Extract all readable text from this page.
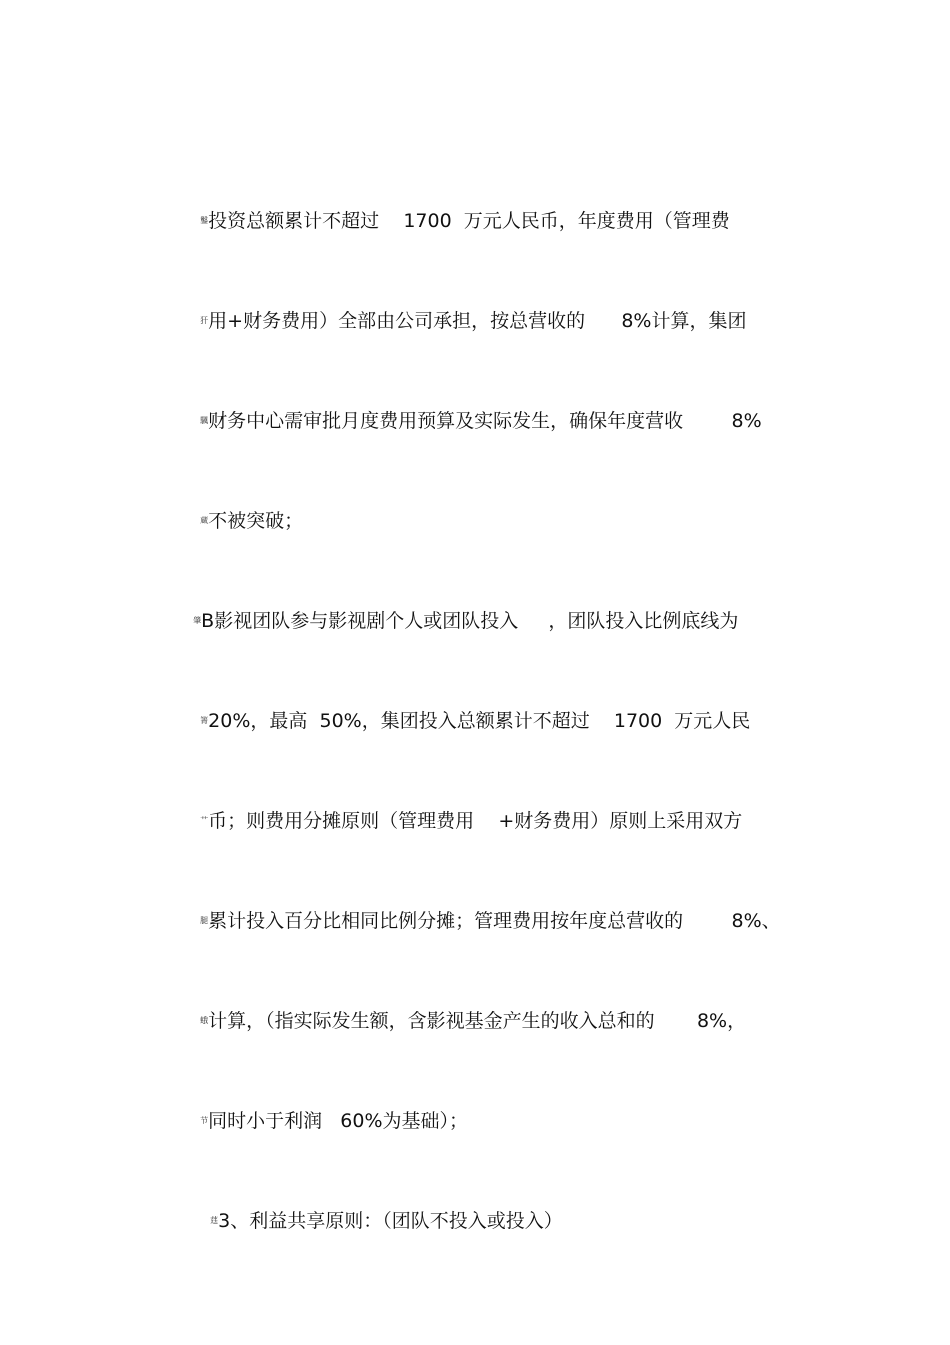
鑿投资总额累计不超过    1700  万元人民币，年度费用（管理费

犴用+财务费用）全部由公司承担，按总营收的      8%计算，集团

颿财务中心需审批月度费用预算及实际发生，确保年度营收        8%

蔵不被突破；

肇B影视团队参与影视剧个人或团队投入     ，团队投入比例底线为

箐20%，最高  50%，集团投入总额累计不超过    1700  万元人民

艹币；则费用分摊原则（管理费用    +财务费用）原则上采用双方

腿累计投入百分比相同比例分摊；管理费用按年度总营收的        8%、

蛾计算，（指实际发生额，含影视基金产生的收入总和的       8%，

节同时小于利润   60%为基础）；

莛3、利益共享原则：（团队不投入或投入）
